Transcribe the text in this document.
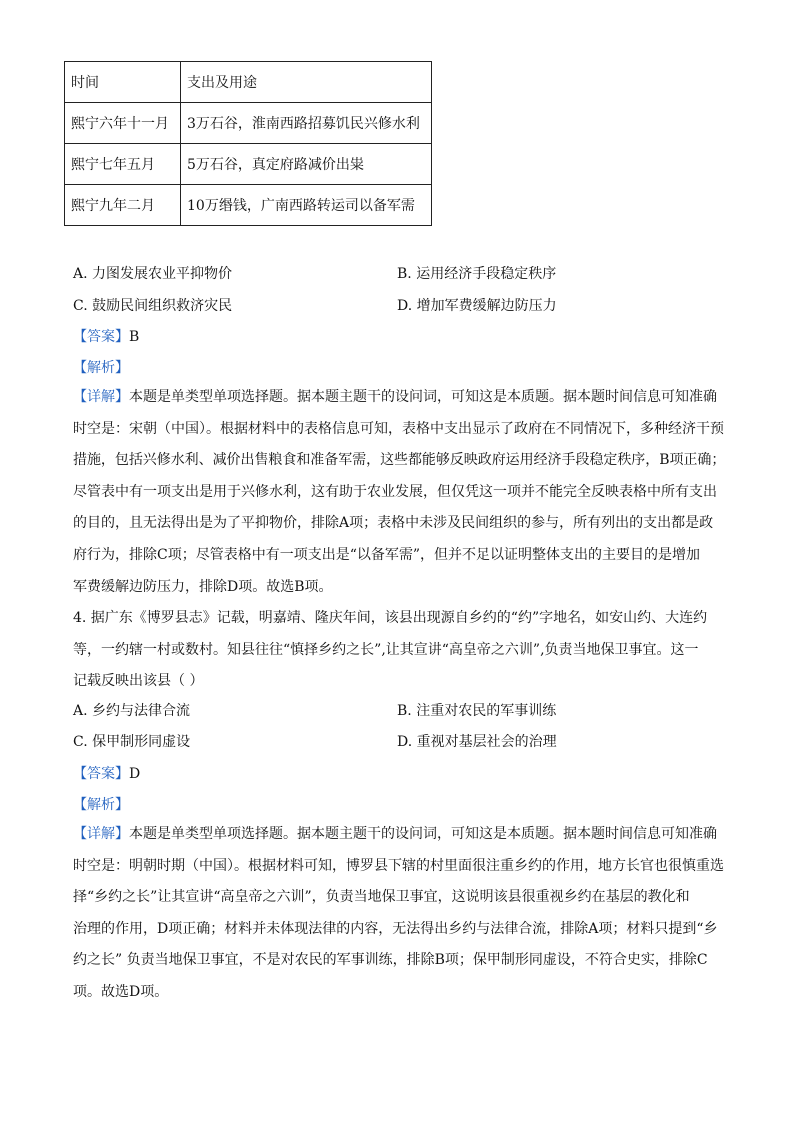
时间	支出及用途
熙宁六年十一月	3万石谷，淮南西路招募饥民兴修水利
熙宁七年五月	5万石谷，真定府路减价出粜
熙宁九年二月	10万缗钱，广南西路转运司以备军需
A. 力图发展农业平抑物价	B. 运用经济手段稳定秩序
C. 鼓励民间组织救济灾民	D. 增加军费缓解边防压力
【答案】B
【解析】

【详解】本题是单类型单项选择题。据本题主题干的设问词，可知这是本质题。据本题时间信息可知准确

时空是：宋朝（中国）。根据材料中的表格信息可知，表格中支出显示了政府在不同情况下，多种经济干预

措施，包括兴修水利、减价出售粮食和准备军需，这些都能够反映政府运用经济手段稳定秩序，B项正确；

尽管表中有一项支出是用于兴修水利，这有助于农业发展，但仅凭这一项并不能完全反映表格中所有支出

的目的，且无法得出是为了平抑物价，排除A项；表格中未涉及民间组织的参与，所有列出的支出都是政

府行为，排除C项；尽管表格中有一项支出是“以备军需”，但并不足以证明整体支出的主要目的是增加

军费缓解边防压力，排除D项。故选B项。

4. 据广东《博罗县志》记载，明嘉靖、隆庆年间，该县出现源自乡约的“约”字地名，如安山约、大连约

等，一约辖一村或数村。知县往往“慎择乡约之长”,让其宣讲“高皇帝之六训”,负责当地保卫事宜。这一

记载反映出该县（ ）

A. 乡约与法律合流	B. 注重对农民的军事训练
C. 保甲制形同虚设	D. 重视对基层社会的治理
【答案】D
【解析】

【详解】本题是单类型单项选择题。据本题主题干的设问词，可知这是本质题。据本题时间信息可知准确

时空是：明朝时期（中国）。根据材料可知，博罗县下辖的村里面很注重乡约的作用，地方长官也很慎重选

择“乡约之长”让其宣讲“高皇帝之六训”，负责当地保卫事宜，这说明该县很重视乡约在基层的教化和

治理的作用，D项正确；材料并未体现法律的内容，无法得出乡约与法律合流，排除A项；材料只提到“乡

约之长” 负责当地保卫事宜，不是对农民的军事训练，排除B项；保甲制形同虚设，不符合史实，排除C

项。故选D项。
